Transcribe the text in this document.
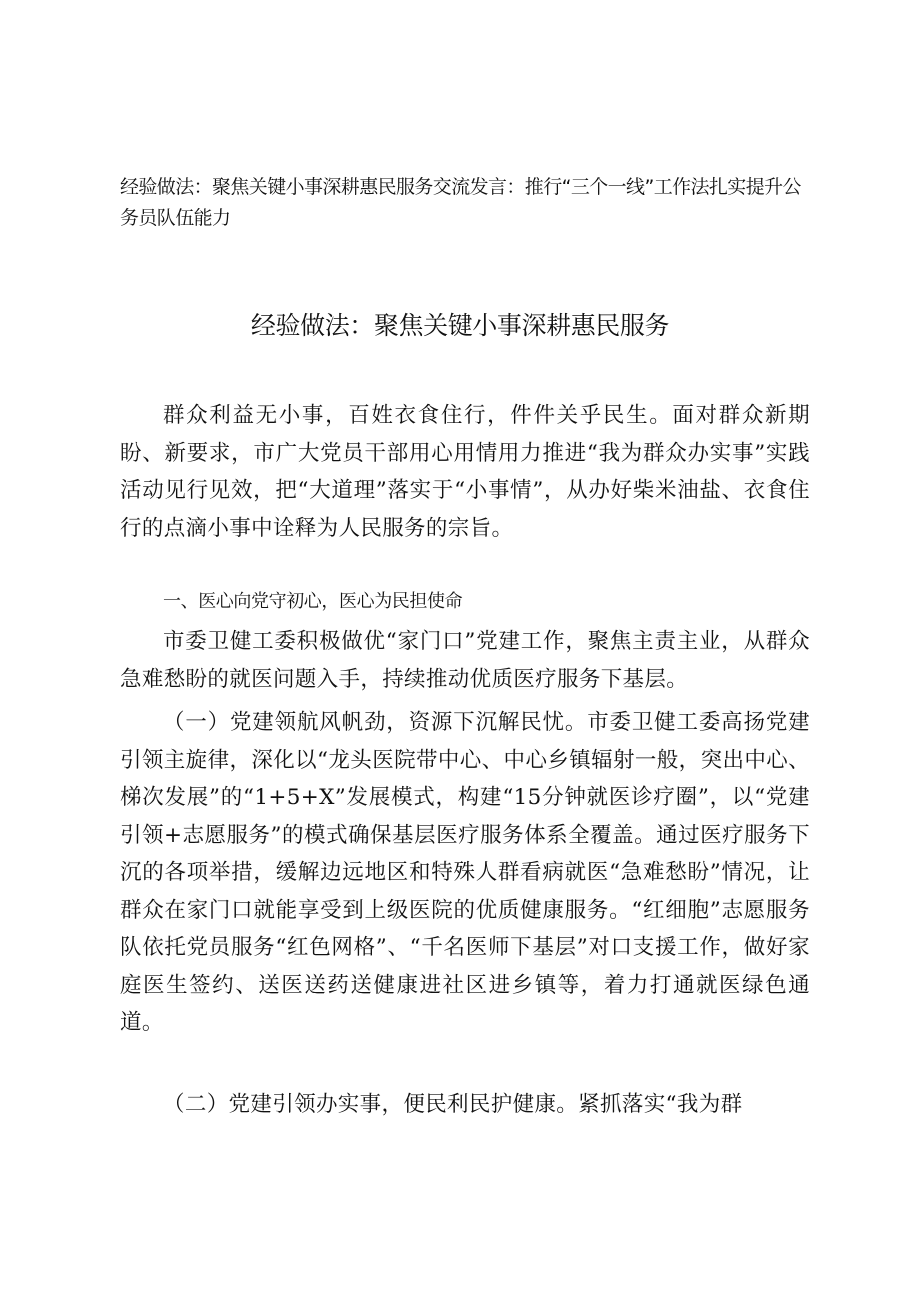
经验做法：聚焦关键小事深耕惠民服务交流发言：推行“三个一线”工作法扎实提升公务员队伍能力
经验做法：聚焦关键小事深耕惠民服务

群众利益无小事，百姓衣食住行，件件关乎民生。面对群众新期盼、新要求，市广大党员干部用心用情用力推进“我为群众办实事”实践活动见行见效，把“大道理”落实于“小事情”，从办好柴米油盐、衣食住行的点滴小事中诠释为人民服务的宗旨。

一、医心向党守初心，医心为民担使命

市委卫健工委积极做优“家门口”党建工作，聚焦主责主业，从群众急难愁盼的就医问题入手，持续推动优质医疗服务下基层。

（一）党建领航风帆劲，资源下沉解民忧。市委卫健工委高扬党建引领主旋律，深化以“龙头医院带中心、中心乡镇辐射一般，突出中心、梯次发展”的“1+5+X”发展模式，构建“15分钟就医诊疗圈”，以“党建引领+志愿服务”的模式确保基层医疗服务体系全覆盖。通过医疗服务下沉的各项举措，缓解边远地区和特殊人群看病就医“急难愁盼”情况，让群众在家门口就能享受到上级医院的优质健康服务。“红细胞”志愿服务队依托党员服务“红色网格”、“千名医师下基层”对口支援工作，做好家庭医生签约、送医送药送健康进社区进乡镇等，着力打通就医绿色通道。

（二）党建引领办实事，便民利民护健康。紧抓落实“我为群
